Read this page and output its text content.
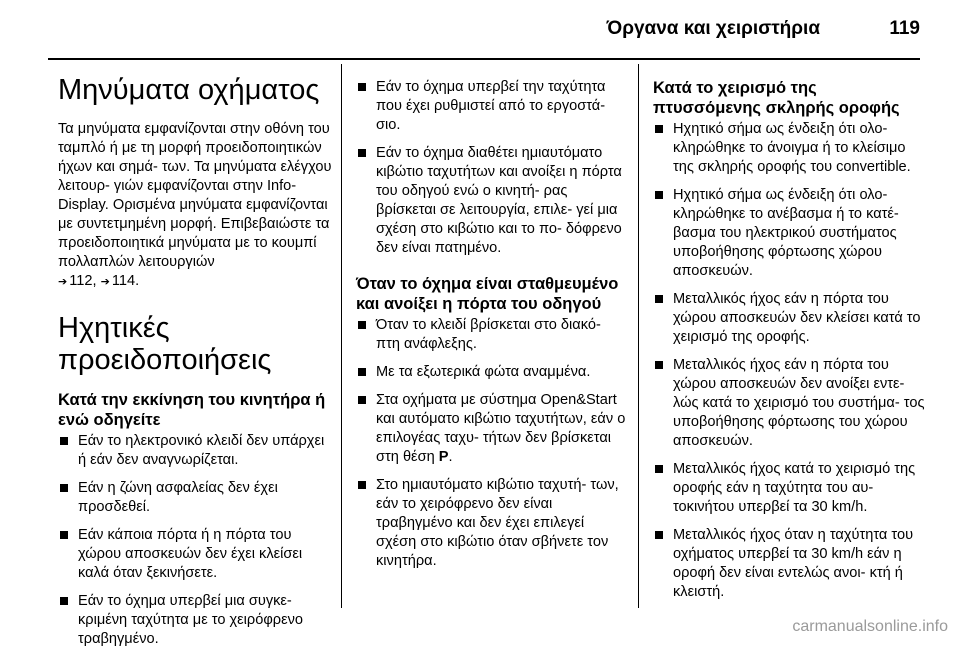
Όργανα και χειριστήρια	119
Μηνύματα οχήματος

Τα μηνύματα εμφανίζονται στην οθόνη του ταμπλό ή με τη μορφή προειδοποιητικών ήχων και σημά- των. Τα μηνύματα ελέγχου λειτουρ- γιών εμφανίζονται στην Info-Display. Ορισμένα μηνύματα εμφανίζονται με συντετμημένη μορφή. Επιβεβαιώστε τα προειδοποιητικά μηνύματα με το κουμπί πολλαπλών λειτουργιών
➔ 112, ➔ 114.

Ηχητικές προειδοποιήσεις
Κατά την εκκίνηση του κινητήρα ή ενώ οδηγείτε
Εάν το ηλεκτρονικό κλειδί δεν υπάρχει ή εάν δεν αναγνωρίζεται.
Εάν η ζώνη ασφαλείας δεν έχει προσδεθεί.
Εάν κάποια πόρτα ή η πόρτα του χώρου αποσκευών δεν έχει κλείσει καλά όταν ξεκινήσετε.
Εάν το όχημα υπερβεί μια συγκε- κριμένη ταχύτητα με το χειρόφρενο τραβηγμένο.
Εάν το όχημα υπερβεί την ταχύτητα που έχει ρυθμιστεί από το εργοστά- σιο.
Εάν το όχημα διαθέτει ημιαυτόματο κιβώτιο ταχυτήτων και ανοίξει η πόρτα του οδηγού ενώ ο κινητή- ρας βρίσκεται σε λειτουργία, επιλε- γεί μια σχέση στο κιβώτιο και το πο- δόφρενο δεν είναι πατημένο.
Όταν το όχημα είναι σταθμευμένο και ανοίξει η πόρτα του οδηγού
Όταν το κλειδί βρίσκεται στο διακό- πτη ανάφλεξης.
Με τα εξωτερικά φώτα αναμμένα.
Στα οχήματα με σύστημα Open&Start και αυτόματο κιβώτιο ταχυτήτων, εάν ο επιλογέας ταχυ- τήτων δεν βρίσκεται στη θέση P.
Στο ημιαυτόματο κιβώτιο ταχυτή- των, εάν το χειρόφρενο δεν είναι τραβηγμένο και δεν έχει επιλεγεί σχέση στο κιβώτιο όταν σβήνετε τον κινητήρα.
Κατά το χειρισμό της πτυσσόμενης σκληρής οροφής
Ηχητικό σήμα ως ένδειξη ότι ολο- κληρώθηκε το άνοιγμα ή το κλείσιμο της σκληρής οροφής του convertible.
Ηχητικό σήμα ως ένδειξη ότι ολο- κληρώθηκε το ανέβασμα ή το κατέ- βασμα του ηλεκτρικού συστήματος υποβοήθησης φόρτωσης χώρου αποσκευών.
Μεταλλικός ήχος εάν η πόρτα του χώρου αποσκευών δεν κλείσει κατά το χειρισμό της οροφής.
Μεταλλικός ήχος εάν η πόρτα του χώρου αποσκευών δεν ανοίξει εντε- λώς κατά το χειρισμό του συστήμα- τος υποβοήθησης φόρτωσης του χώρου αποσκευών.
Μεταλλικός ήχος κατά το χειρισμό της οροφής εάν η ταχύτητα του αυ- τοκινήτου υπερβεί τα 30 km/h.
Μεταλλικός ήχος όταν η ταχύτητα του οχήματος υπερβεί τα 30 km/h εάν η οροφή δεν είναι εντελώς ανοι- κτή ή κλειστή.
carmanualsonline.info
